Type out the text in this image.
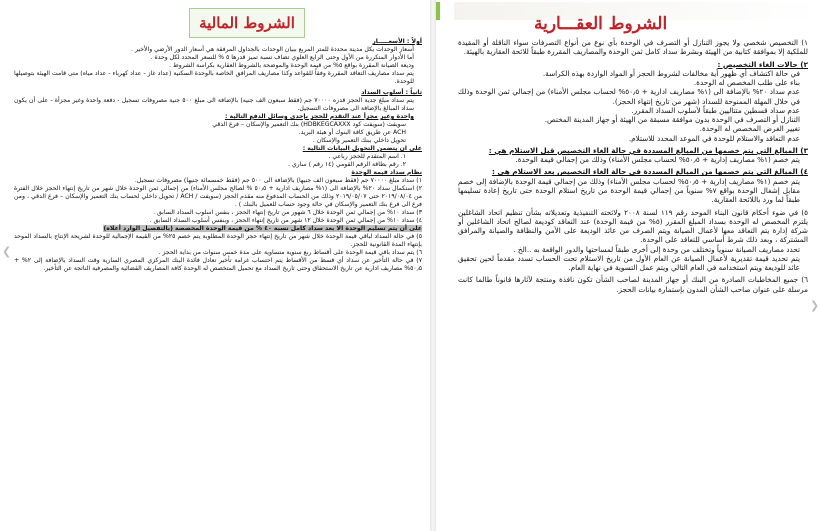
❮
الشروط المالية

أولاً : الأسعـــــار

أسعار الوحدات بكل مدينة محددة للمتر المربع ببيان الوحدات بالجداول المرفقة هي أسعار الدور الأرضي والأخير .

أما الأدوار المتكررة من الأول وحتى الرابع العلوي تضاف نسبة تميز قدرها ٥ % للسعر المحدد لكل وحدة .

وديعة الصيانة المقررة بواقع ٥% من قيمة الوحدة والموضحة بالشروط العقارية بكراسة الشروط .

يتم سداد مصاريف التعاقد المقررة وفقاً للقواعد وكذا مصاريف المرافق الخاصة بالوحدة السكنية (عداد غاز - عداد كهرباء - عداد مياه) متى قامت الهيئة بتوصيلها للوحدة.

ثانياً : أسلوب السداد

يتم سداد مبلغ جدية الحجز قدره ٧٠٠٠٠ جم (فقط سبعون الف جنيه) بالإضافة الى مبلغ ٥٠٠ جنية مصروفات تسجيل - دفعة واحدة وغير مجزأة - على أن يكون سداد المبالغ بالإضافة الى مصروفات التسجيل.

واحدة وغير مجزأ عند التقدم للحجز بإحدى وسائل الدفع التالية :

سويفت (سويفت كود HDBKEGCAXXX) بنك التعمير والإسكان – فرع الدقي

ACH عن طريق كافة البنوك أو هيئة البريد.

تحويل داخلي ببنك التعمير والإسكان .

على ان يتضمن التحويل البيانات التالية :

١. اسم المتقدم للحجز رباعي .

٢. رقم بطاقة الرقم القومي (١٤ رقم ) ساري .

نظام سداد قيمة الوحدة

١) سداد مبلغ ٧٠٠٠٠ جم (فقط سبعون الف جنيها) بالإضافة الى ٥٠٠ جم (فقط خمسمائة جنيها) مصروفات تسجيل.

٢) استكمال سداد ٢٠% بالإضافة الى (١% مصاريف ادارية + ٥٠٫٥ % لصالح مجلس الأمناء) من إجمالي ثمن الوحدة خلال شهر من تاريخ إنتهاء الحجز خلال الفترة من ٢٠١٩/٠٨/٠٤ حتى ٢٠١٩/٠٥/٠٧ وذلك من الحساب المدفوع منه مقدم الحجز (سويفت / ACH / تحويل داخلي لحساب بنك التعمير والإسكان – فرع الدقي ، ومن فرع الى فرع بنك التعمير والإسكان في حالة وجود حساب للعميل بالبنك ) .

٣) سداد ١٠% من إجمالي ثمن الوحدة خلال ٦ شهور من تاريخ إنتهاء الحجز ، بنفس اسلوب السداد السابق .

٤) سداد ١٠% من إجمالي ثمن الوحدة خلال ١٢ شهر من تاريخ إنتهاء الحجز ، وبنفس أسلوب السداد السابق .

على أن يتم تسليم الوحدة الا بعد سداد كامل نسبة ٤٠ % من قيمة الوحدة المخصصة (بالتفصيل الوارد أعلاه)

٥) في حالة السداد لباقي قيمة الوحدة خلال شهر من تاريخ إنتهاء حجز الوحدة المطلوبة يتم خصم ٢٥% من القيمة الإجمالية للوحدة لشريحة الإنتاج بالسداد الموحد بإنتهاء المدة القانونية للحجز.

٦) يتم سداد باقي قيمة الوحدة على أقساط ربع سنوية متساوية على مدة خمس سنوات من بداية الحجز .

٧) في حالة التأخير عن سداد أي قسط من الأقساط يتم احتساب غرامة تأخير تعادل فائدة البنك المركزي المصري السارية وقت السداد بالإضافة إلى ٢% + ٥٠٫٥% مصاريف ادارية عن تاريخ الاستحقاق وحتى تاريخ السداد مع تحميل المتخصص له الوحدة كافة المصاريف القضائية والمصرفية الناتجة عن التأخير.

الشروط العقـــارية
❯

١) التخصيص شخصي ولا يجوز التنازل أو التصرف في الوحدة بأي نوع من أنواع التصرفات سواء الناقلة أو المقيدة للملكية إلا بموافقة كتابية من الهيئة وبشرط سداد كامل ثمن الوحدة والمصاريف المقررة طبقاً للائحة العقارية بالهيئة.

٢) حالات الغاء التخصيص :

في حالة اكتشاف أي ظهور أية مخالفات لشروط الحجز أو المواد الواردة بهذه الكراسة.

بناء على طلب المخصص له الوحدة.

عدم سداد ٢٠% بالإضافة الى (١% مصاريف ادارية + ٥٠٫٥% لحساب مجلس الأمناء) من إجمالي ثمن الوحدة وذلك في خلال المهلة الممنوحة للسداد (شهر من تاريخ إنتهاء الحجز).

عدم سداد قسطين متتاليين طبقاً لأسلوب السداد المقرر.

التنازل أو التصرف في الوحدة بدون موافقة مسبقة من الهيئة أو جهاز المدينة المختص.

تغيير الغرض المخصص له الوحدة.

عدم التعاقد والاستلام للوحدة في الموعد المحدد للاستلام.

٣) المبالغ التي يتم خصمها من المبالغ المسددة في حالة الغاء التخصيص قبل الاستلام هي :

يتم خصم (١% مصاريف إدارية + ٥٠٫٥% لحساب مجلس الأمناء) وذلك من إجمالي قيمة الوحدة.

٤) المبالغ التي يتم خصمها من المبالغ المسددة في حالة الغاء التخصيص بعد الاستلام هي :

يتم خصم (١% مصاريف إدارية + ٥٠٫٥% لحساب مجلس الأمناء) وذلك من إجمالي قيمة الوحدة بالإضافة إلى خصم مقابل إشغال الوحدة بواقع ٧% سنوياً من إجمالي قيمة الوحدة من تاريخ استلام الوحدة حتى تاريخ إعادة تسليمها طبقاً لما ورد باللائحة العقارية.

٥) في ضوء أحكام قانون البناء الموحد رقم ١١٩ لسنة ٢٠٠٨ ولائحته التنفيذية وتعديلاته بشأن تنظيم اتحاد الشاغلين يلتزم المخصص له الوحدة بسداد المبلغ المقرر (٥% من قيمة الوحدة) عند التعاقد كوديعة لصالح اتحاد الشاغلين أو شركة إدارة يتم التعاقد معها لأعمال الصيانة ويتم الصرف من عائد الوديعة على الأمن والنظافة والصيانة والمرافق المشتركة ، وبعد ذلك شرط أساسي للتعاقد على الوحدة.

تحدد مصاريف الصيانة سنوياً وتختلف من وحدة إلى أخرى طبقاً لمساحتها والدور الواقعة به ..الخ .

يتم تحديد قيمة تقديرية لأعمال الصيانة عن العام الأول من تاريخ الاستلام تحت الحساب تسدد مقدماً لحين تحقيق عائد للوديعة ويتم استخدامه في العام التالي ويتم عمل التسوية في نهاية العام.

٦) جميع المخاطبات الصادرة من البنك أو جهاز المدينة لصاحب الشأن تكون نافذة ومنتجة لآثارها قانوناً طالما كانت مرسلة على عنوان صاحب الشأن المدون بإستمارة بيانات الحجز.
